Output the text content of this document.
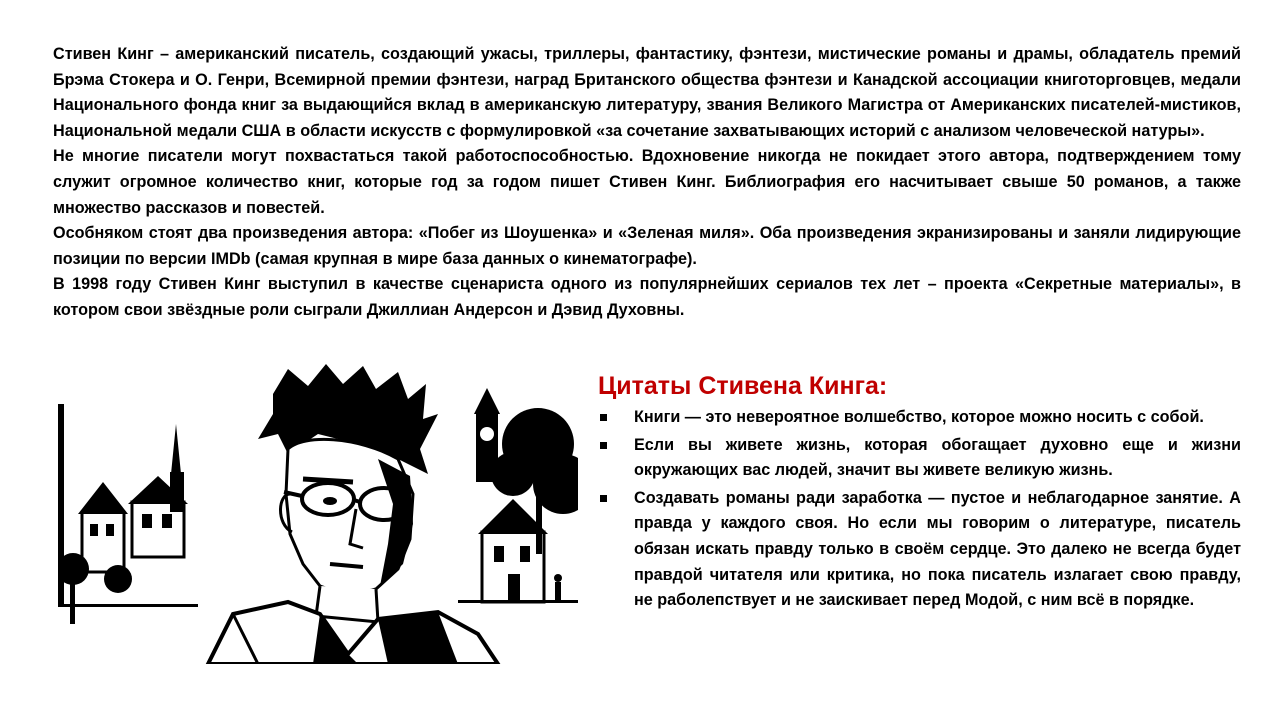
Стивен Кинг – американский писатель, создающий ужасы, триллеры, фантастику, фэнтези, мистические романы и драмы, обладатель премий Брэма Стокера и О. Генри, Всемирной премии фэнтези, наград Британского общества фэнтези и Канадской ассоциации книготорговцев, медали Национального фонда книг за выдающийся вклад в американскую литературу, звания Великого Магистра от Американских писателей-мистиков, Национальной медали США в области искусств с формулировкой «за сочетание захватывающих историй с анализом человеческой натуры».

Не многие писатели могут похвастаться такой работоспособностью. Вдохновение никогда не покидает этого автора, подтверждением тому служит огромное количество книг, которые год за годом пишет Стивен Кинг. Библиография его насчитывает свыше 50 романов, а также множество рассказов и повестей.

Особняком стоят два произведения автора: «Побег из Шоушенка» и «Зеленая миля». Оба произведения экранизированы и заняли лидирующие позиции по версии IMDb (самая крупная в мире база данных о кинематографе).

В 1998 году Стивен Кинг выступил в качестве сценариста одного из популярнейших сериалов тех лет – проекта «Секретные материалы», в котором свои звёздные роли сыграли Джиллиан Андерсон и Дэвид Духовны.

Цитаты Стивена Кинга:
Книги — это невероятное волшебство, которое можно носить с собой.
Если вы живете жизнь, которая обогащает духовно еще и жизни окружающих вас людей, значит вы живете великую жизнь.
Создавать романы ради заработка — пустое и неблагодарное занятие. А правда у каждого своя. Но если мы говорим о литературе, писатель обязан искать правду только в своём сердце. Это далеко не всегда будет правдой читателя или критика, но пока писатель излагает свою правду, не раболепствует и не заискивает перед Модой, с ним всё в порядке.
